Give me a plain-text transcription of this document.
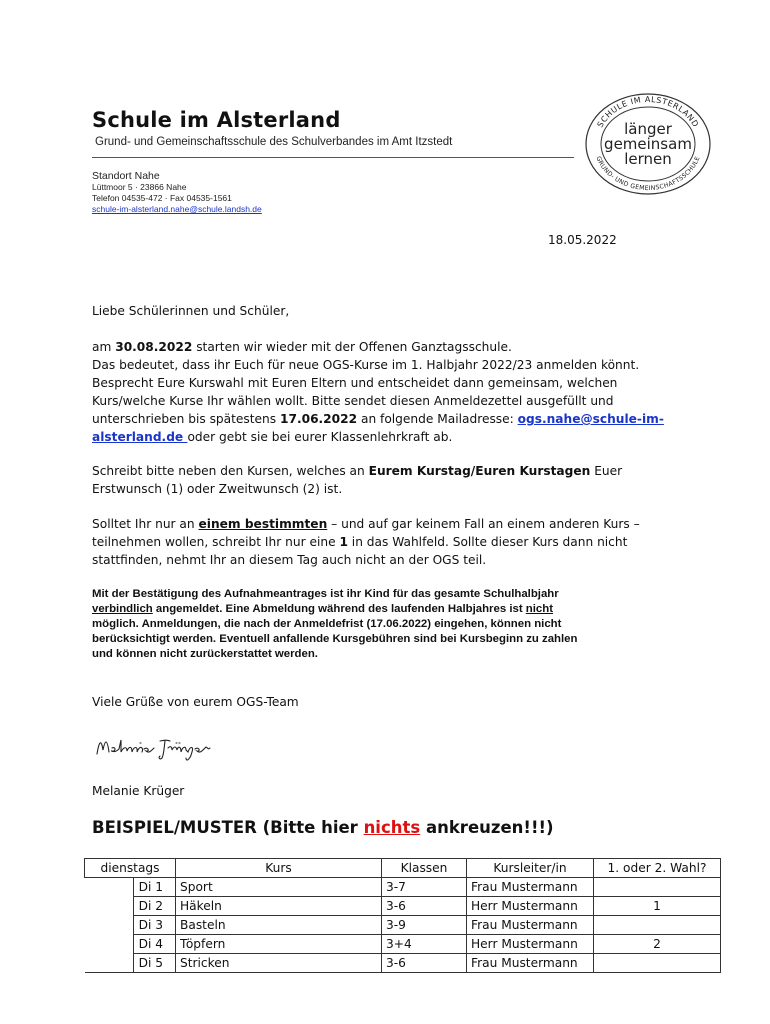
Schule im Alsterland
Grund- und Gemeinschaftsschule des Schulverbandes im Amt Itzstedt
Standort Nahe
Lüttmoor 5 · 23866 Nahe
Telefon 04535-472 · Fax 04535-1561
schule-im-alsterland.nahe@schule.landsh.de
SCHULE IM ALSTERLAND
GRUND- UND GEMEINSCHAFTSSCHULE
länger
gemeinsam
lernen
18.05.2022

Liebe Schülerinnen und Schüler,

am 30.08.2022 starten wir wieder mit der Offenen Ganztagsschule.

Das bedeutet, dass ihr Euch für neue OGS-Kurse im 1. Halbjahr 2022/23 anmelden könnt.

Besprecht Eure Kurswahl mit Euren Eltern und entscheidet dann gemeinsam, welchen

Kurs/welche Kurse Ihr wählen wollt. Bitte sendet diesen Anmeldezettel ausgefüllt und

unterschrieben bis spätestens 17.06.2022 an folgende Mailadresse: ogs.nahe@schule-im-

alsterland.de oder gebt sie bei eurer Klassenlehrkraft ab.

Schreibt bitte neben den Kursen, welches an Eurem Kurstag/Euren Kurstagen Euer

Erstwunsch (1) oder Zweitwunsch (2) ist.

Solltet Ihr nur an einem bestimmten – und auf gar keinem Fall an einem anderen Kurs –

teilnehmen wollen, schreibt Ihr nur eine 1 in das Wahlfeld. Sollte dieser Kurs dann nicht

stattfinden, nehmt Ihr an diesem Tag auch nicht an der OGS teil.

Mit der Bestätigung des Aufnahmeantrages ist ihr Kind für das gesamte Schulhalbjahr

verbindlich angemeldet. Eine Abmeldung während des laufenden Halbjahres ist nicht

möglich. Anmeldungen, die nach der Anmeldefrist (17.06.2022) eingehen, können nicht

berücksichtigt werden. Eventuell anfallende Kursgebühren sind bei Kursbeginn zu zahlen

und können nicht zurückerstattet werden.

Viele Grüße von eurem OGS-Team

Melanie Krüger

BEISPIEL/MUSTER (Bitte hier nichts ankreuzen!!!)
dienstags		Kurs	Klassen	Kursleiter/in	1. oder 2. Wahl?
	Di 1	Sport	3-7	Frau Mustermann	
	Di 2	Häkeln	3-6	Herr Mustermann	1
	Di 3	Basteln	3-9	Frau Mustermann	
	Di 4	Töpfern	3+4	Herr Mustermann	2
	Di 5	Stricken	3-6	Frau Mustermann	
